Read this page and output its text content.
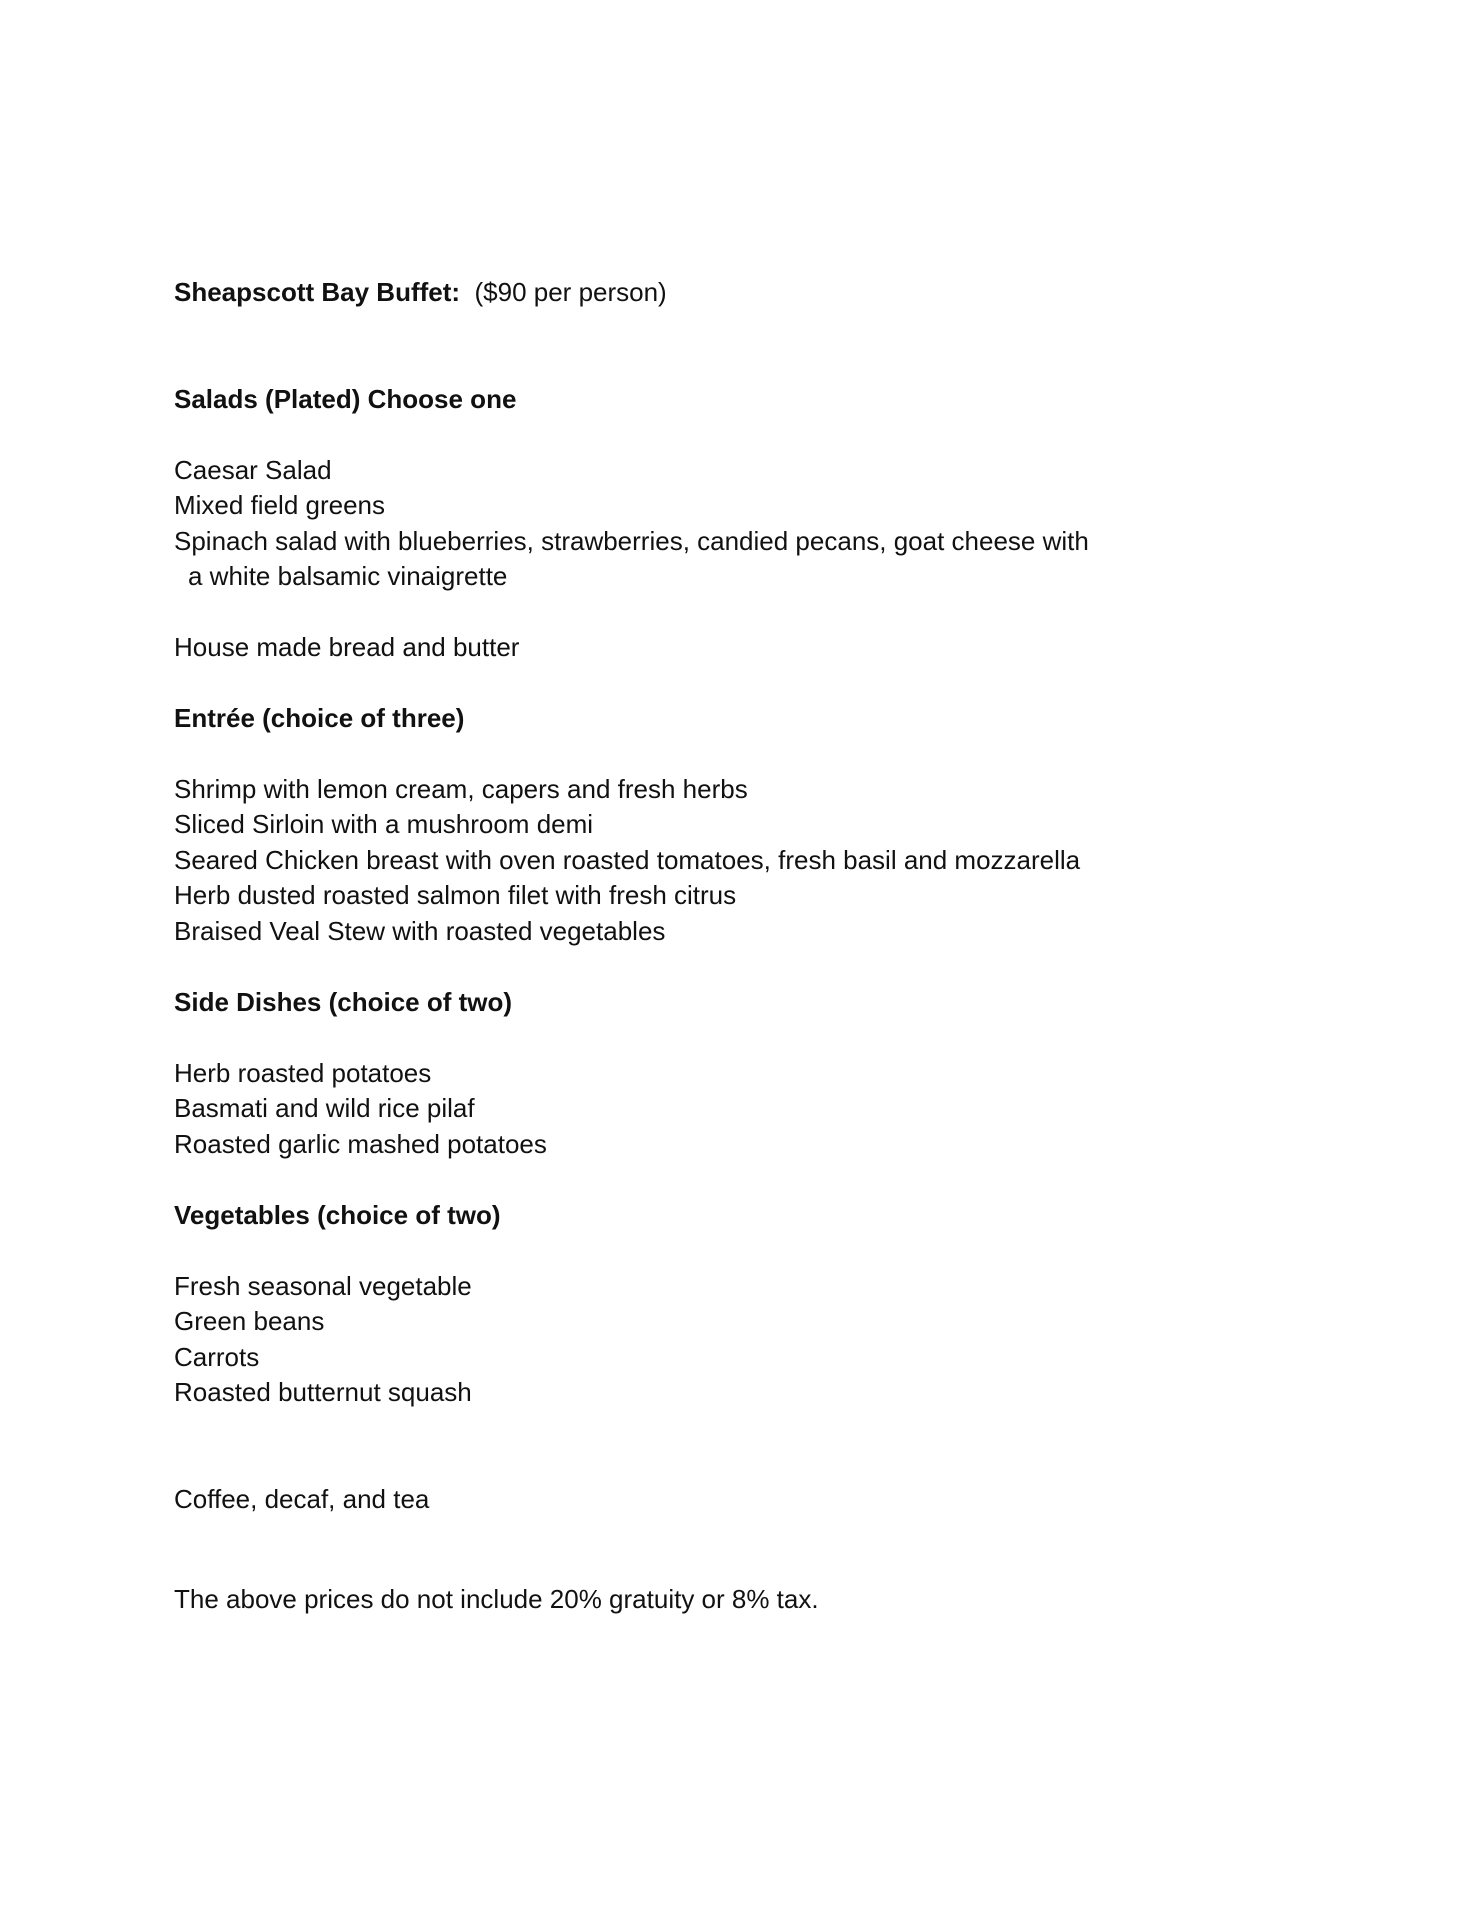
Sheapscott Bay Buffet: ($90 per person)
Salads (Plated) Choose one
Caesar Salad
Mixed field greens
Spinach salad with blueberries, strawberries, candied pecans, goat cheese with
a white balsamic vinaigrette
House made bread and butter
Entrée (choice of three)
Shrimp with lemon cream, capers and fresh herbs
Sliced Sirloin with a mushroom demi
Seared Chicken breast with oven roasted tomatoes, fresh basil and mozzarella
Herb dusted roasted salmon filet with fresh citrus
Braised Veal Stew with roasted vegetables
Side Dishes (choice of two)
Herb roasted potatoes
Basmati and wild rice pilaf
Roasted garlic mashed potatoes
Vegetables (choice of two)
Fresh seasonal vegetable
Green beans
Carrots
Roasted butternut squash
Coffee, decaf, and tea
The above prices do not include 20% gratuity or 8% tax.
